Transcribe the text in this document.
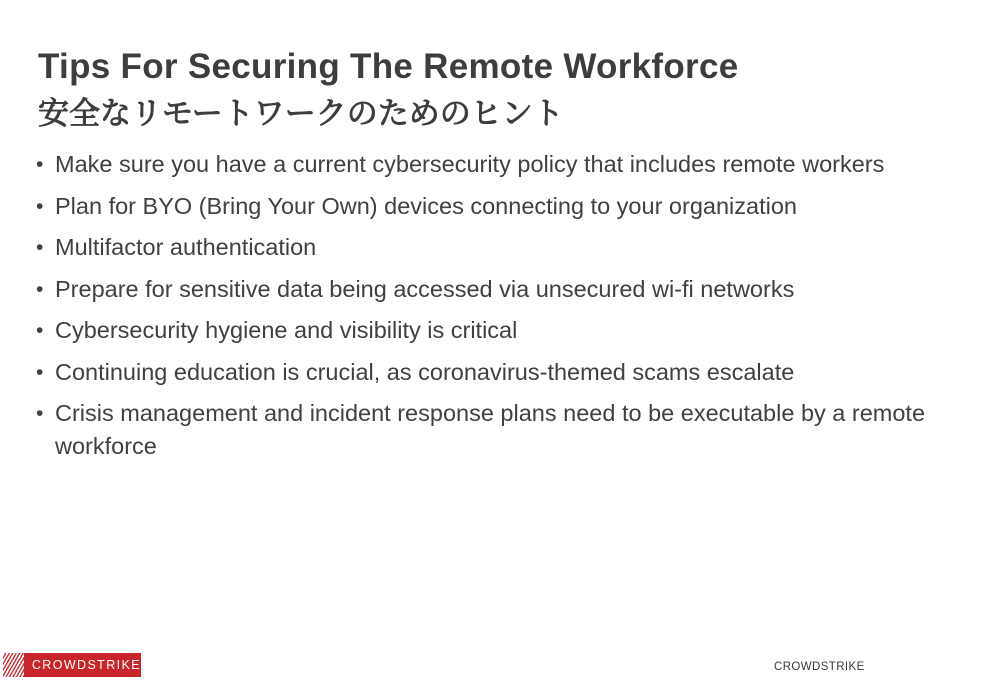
Tips For Securing The Remote Workforce
安全なリモートワークのためのヒント
• Make sure you have a current cybersecurity policy that includes remote workers
• Plan for BYO (Bring Your Own) devices connecting to your organization
• Multifactor authentication
• Prepare for sensitive data being accessed via unsecured wi-fi networks
• Cybersecurity hygiene and visibility is critical
• Continuing education is crucial, as coronavirus-themed scams escalate
• Crisis management and incident response plans need to be executable by a remote workforce
CROWDSTRIKE	CROWDSTRIKE
